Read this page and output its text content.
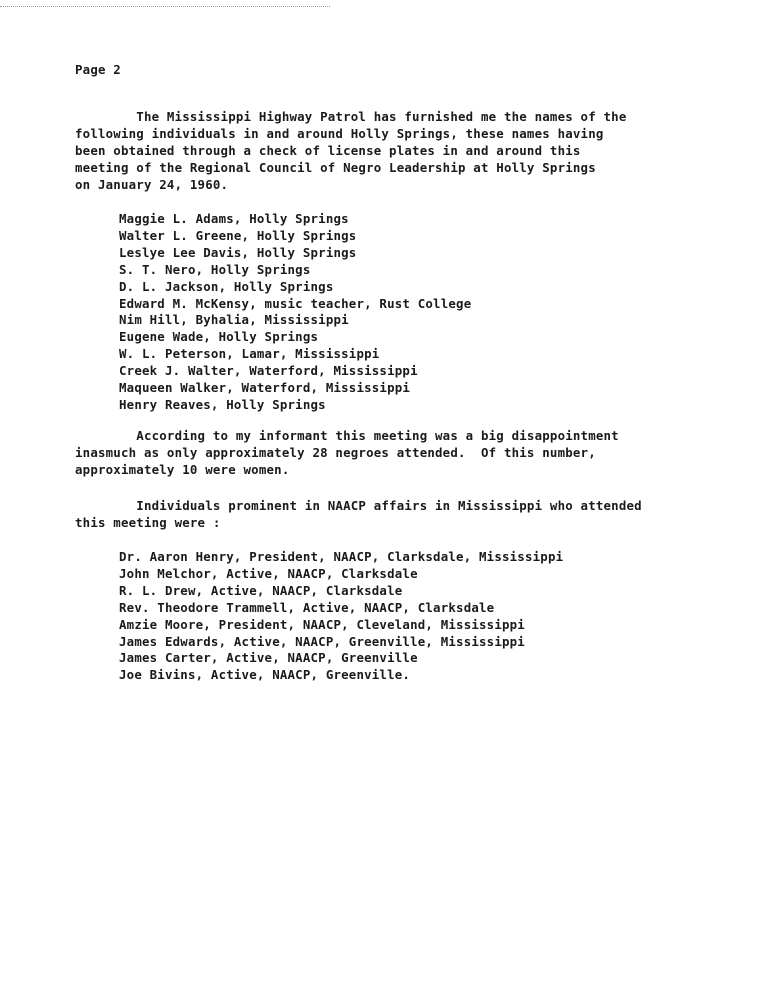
Page 2

The Mississippi Highway Patrol has furnished me the names of the
following individuals in and around Holly Springs, these names having
been obtained through a check of license plates in and around this
meeting of the Regional Council of Negro Leadership at Holly Springs
on January 24, 1960.

Maggie L. Adams, Holly Springs
Walter L. Greene, Holly Springs
Leslye Lee Davis, Holly Springs
S. T. Nero, Holly Springs
D. L. Jackson, Holly Springs
Edward M. McKensy, music teacher, Rust College
Nim Hill, Byhalia, Mississippi
Eugene Wade, Holly Springs
W. L. Peterson, Lamar, Mississippi
Creek J. Walter, Waterford, Mississippi
Maqueen Walker, Waterford, Mississippi
Henry Reaves, Holly Springs

According to my informant this meeting was a big disappointment
inasmuch as only approximately 28 negroes attended.  Of this number,
approximately 10 were women.

Individuals prominent in NAACP affairs in Mississippi who attended
this meeting were :

Dr. Aaron Henry, President, NAACP, Clarksdale, Mississippi
John Melchor, Active, NAACP, Clarksdale
R. L. Drew, Active, NAACP, Clarksdale
Rev. Theodore Trammell, Active, NAACP, Clarksdale
Amzie Moore, President, NAACP, Cleveland, Mississippi
James Edwards, Active, NAACP, Greenville, Mississippi
James Carter, Active, NAACP, Greenville
Joe Bivins, Active, NAACP, Greenville.
